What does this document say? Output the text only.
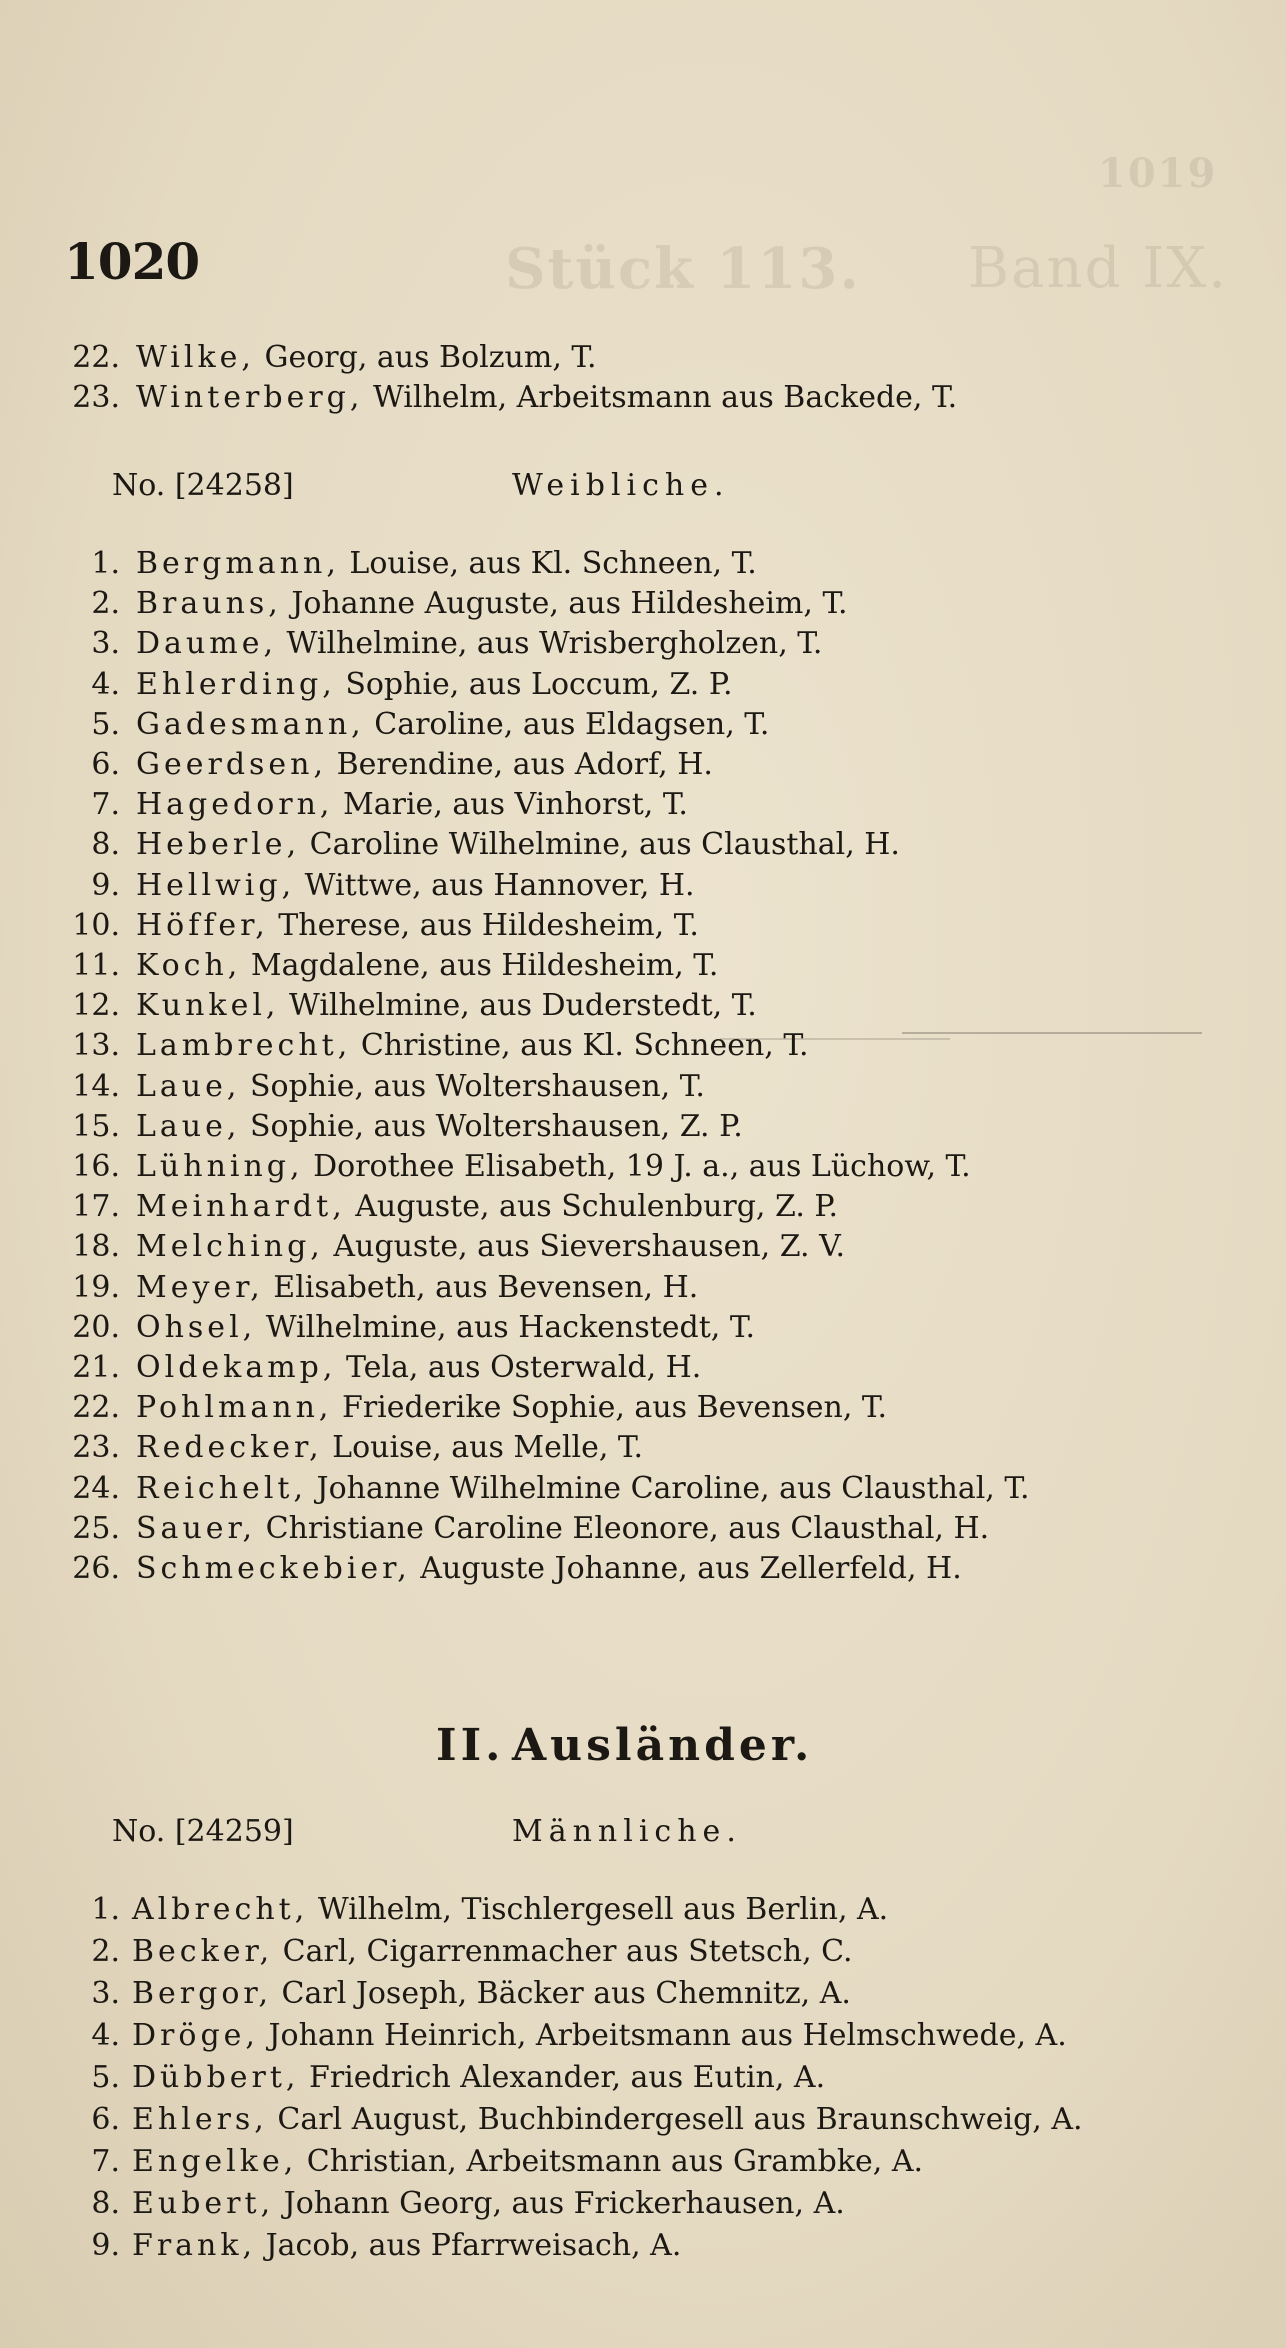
1019
Stück 113. Band IX.
1020
22. Wilke, Georg, aus Bolzum, T.
23. Winterberg, Wilhelm, Arbeitsmann aus Backede, T.
No. [24258]	Weibliche.
1. Bergmann, Louise, aus Kl. Schneen, T.
2. Brauns, Johanne Auguste, aus Hildesheim, T.
3. Daume, Wilhelmine, aus Wrisbergholzen, T.
4. Ehlerding, Sophie, aus Loccum, Z. P.
5. Gadesmann, Caroline, aus Eldagsen, T.
6. Geerdsen, Berendine, aus Adorf, H.
7. Hagedorn, Marie, aus Vinhorst, T.
8. Heberle, Caroline Wilhelmine, aus Clausthal, H.
9. Hellwig, Wittwe, aus Hannover, H.
10. Höffer, Therese, aus Hildesheim, T.
11. Koch, Magdalene, aus Hildesheim, T.
12. Kunkel, Wilhelmine, aus Duderstedt, T.
13. Lambrecht, Christine, aus Kl. Schneen, T.
14. Laue, Sophie, aus Woltershausen, T.
15. Laue, Sophie, aus Woltershausen, Z. P.
16. Lühning, Dorothee Elisabeth, 19 J. a., aus Lüchow, T.
17. Meinhardt, Auguste, aus Schulenburg, Z. P.
18. Melching, Auguste, aus Sievershausen, Z. V.
19. Meyer, Elisabeth, aus Bevensen, H.
20. Ohsel, Wilhelmine, aus Hackenstedt, T.
21. Oldekamp, Tela, aus Osterwald, H.
22. Pohlmann, Friederike Sophie, aus Bevensen, T.
23. Redecker, Louise, aus Melle, T.
24. Reichelt, Johanne Wilhelmine Caroline, aus Clausthal, T.
25. Sauer, Christiane Caroline Eleonore, aus Clausthal, H.
26. Schmeckebier, Auguste Johanne, aus Zellerfeld, H.
II. Ausländer.
No. [24259]	Männliche.
1. Albrecht, Wilhelm, Tischlergesell aus Berlin, A.
2. Becker, Carl, Cigarrenmacher aus Stetsch, C.
3. Bergor, Carl Joseph, Bäcker aus Chemnitz, A.
4. Dröge, Johann Heinrich, Arbeitsmann aus Helmschwede, A.
5. Dübbert, Friedrich Alexander, aus Eutin, A.
6. Ehlers, Carl August, Buchbindergesell aus Braunschweig, A.
7. Engelke, Christian, Arbeitsmann aus Grambke, A.
8. Eubert, Johann Georg, aus Frickerhausen, A.
9. Frank, Jacob, aus Pfarrweisach, A.
